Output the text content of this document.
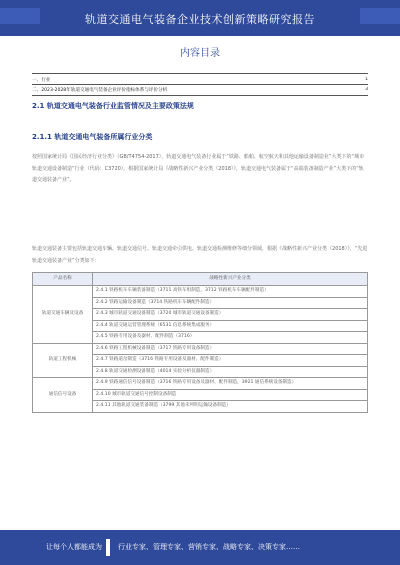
轨道交通电气装备企业技术创新策略研究报告
内容目录
一、行业	1
二、2023-2028年轨道交通电气装备企业评价指标体系与评价分析	3
2.1 轨道交通电气装备行业监管情况及主要政策法规
2.1.1 轨道交通电气装备所属行业分类
按照国家统计局《国民经济行业分类》（GB/T4754-2017），轨道交通电气装备行业属于“铁路、船舶、航空航天和其他运输设备制造业”大类下的“城市轨道交通设备制造”行业（代码：C3720）。根据国家统计局《战略性新兴产业分类（2018）》，轨道交通电气装备属于“高端装备制造产业”大类下的“轨道交通装备产业”。
轨道交通装备主要包括轨道交通车辆、轨道交通信号、轨道交通牵引供电、轨道交通检测维修等细分领域，根据《战略性新兴产业分类（2018）》，“先进轨道交通装备产业”分类如下：
产品名称	战略性新兴产业分类
轨道交通车辆及设备	2.4.1 铁路机车车辆装备制造（3711 高铁车组制造，3712 铁路机车车辆配件制造）
	2.4.2 铁路运输设备制造（3714 铁路机车车辆配件制造）
	2.4.3 城市轨道交通设备制造（3720 城市轨道交通设备制造）
	2.4.4 轨道交通运营管理系统（6531 信息系统集成服务）
	2.4.5 铁路专用设备及器材、配件制造（3716）
轨道工程机械	2.4.6 铁路工程机械设备制造（3717 铁路专用设备制造）
	2.4.7 铁路道岔制造（3716 铁路专用设备及器材、配件制造）
	2.4.8 轨道交通检测设备制造（4014 实验分析仪器制造）
通信信号设备	2.4.9 铁路通信信号设备制造（3716 铁路专用设备及器材、配件制造，3921 通信系统设备制造）
	2.4.10 城市轨道交通信号控制设备制造
	2.4.11 其他轨道交通装备制造（3799 其他未列明运输设备制造）
让每个人都能成为 行业专家、管理专家、营销专家、战略专家、决策专家……
